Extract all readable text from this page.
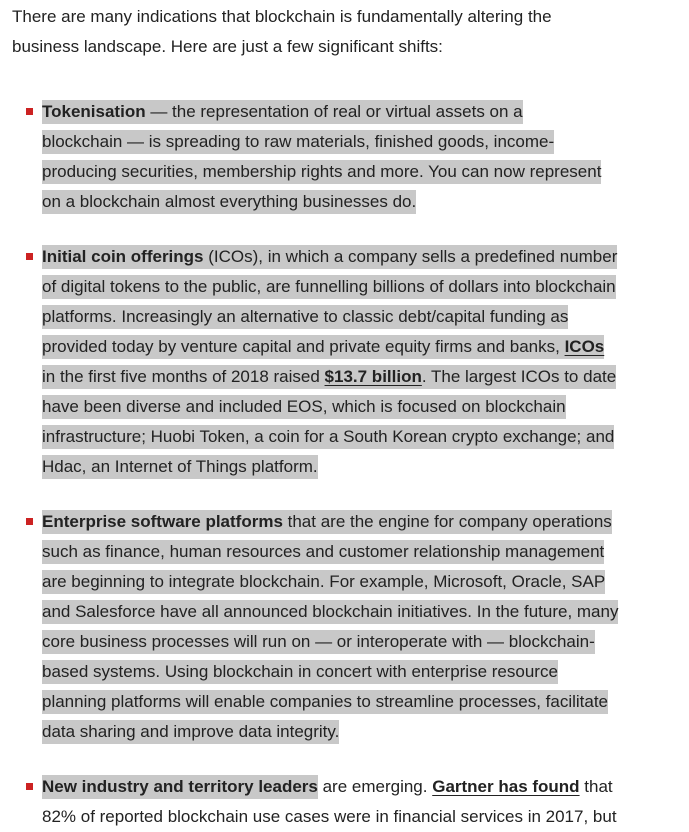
There are many indications that blockchain is fundamentally altering the

business landscape. Here are just a few significant shifts:

Tokenisation — the representation of real or virtual assets on a
blockchain — is spreading to raw materials, finished goods, income-
producing securities, membership rights and more. You can now represent
on a blockchain almost everything businesses do.
Initial coin offerings (ICOs), in which a company sells a predefined number
of digital tokens to the public, are funnelling billions of dollars into blockchain
platforms. Increasingly an alternative to classic debt/capital funding as
provided today by venture capital and private equity firms and banks, ICOs
in the first five months of 2018 raised $13.7 billion. The largest ICOs to date
have been diverse and included EOS, which is focused on blockchain
infrastructure; Huobi Token, a coin for a South Korean crypto exchange; and
Hdac, an Internet of Things platform.
Enterprise software platforms that are the engine for company operations
such as finance, human resources and customer relationship management
are beginning to integrate blockchain. For example, Microsoft, Oracle, SAP
and Salesforce have all announced blockchain initiatives. In the future, many
core business processes will run on — or interoperate with — blockchain-
based systems. Using blockchain in concert with enterprise resource
planning platforms will enable companies to streamline processes, facilitate
data sharing and improve data integrity.
New industry and territory leaders are emerging. Gartner has found that
82% of reported blockchain use cases were in financial services in 2017, but
